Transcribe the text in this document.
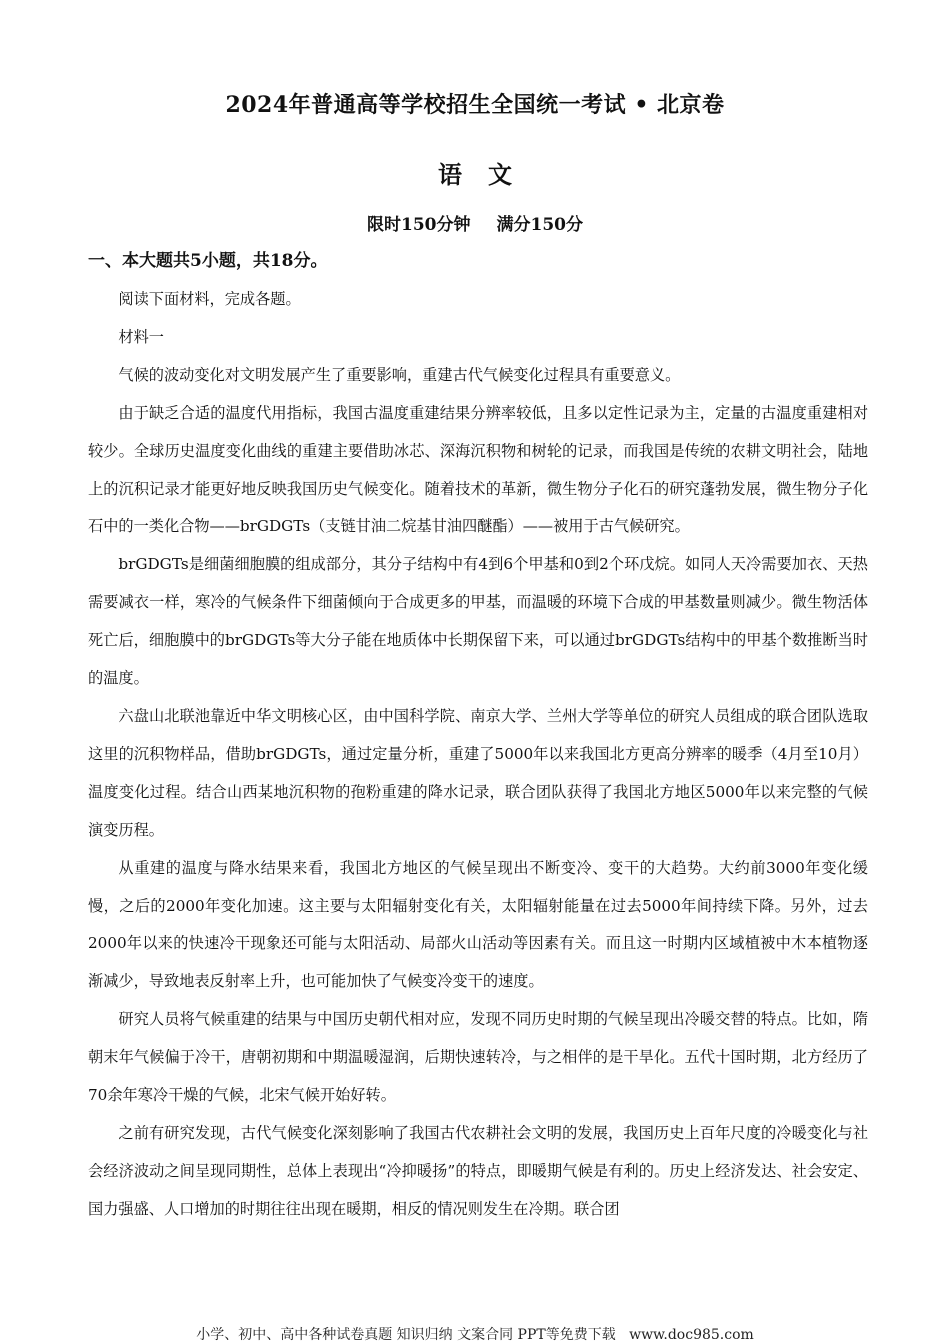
2024年普通高等学校招生全国统一考试 • 北京卷
语文
限时150分钟 满分150分
一、本大题共5小题，共18分。

阅读下面材料，完成各题。

材料一

气候的波动变化对文明发展产生了重要影响，重建古代气候变化过程具有重要意义。

由于缺乏合适的温度代用指标，我国古温度重建结果分辨率较低，且多以定性记录为主，定量的古温度重建相对较少。全球历史温度变化曲线的重建主要借助冰芯、深海沉积物和树轮的记录，而我国是传统的农耕文明社会，陆地上的沉积记录才能更好地反映我国历史气候变化。随着技术的革新，微生物分子化石的研究蓬勃发展，微生物分子化石中的一类化合物——brGDGTs（支链甘油二烷基甘油四醚酯）——被用于古气候研究。

brGDGTs是细菌细胞膜的组成部分，其分子结构中有4到6个甲基和0到2个环戊烷。如同人天冷需要加衣、天热需要减衣一样，寒冷的气候条件下细菌倾向于合成更多的甲基，而温暖的环境下合成的甲基数量则减少。微生物活体死亡后，细胞膜中的brGDGTs等大分子能在地质体中长期保留下来，可以通过brGDGTs结构中的甲基个数推断当时的温度。

六盘山北联池靠近中华文明核心区，由中国科学院、南京大学、兰州大学等单位的研究人员组成的联合团队选取这里的沉积物样品，借助brGDGTs，通过定量分析，重建了5000年以来我国北方更高分辨率的暖季（4月至10月）温度变化过程。结合山西某地沉积物的孢粉重建的降水记录，联合团队获得了我国北方地区5000年以来完整的气候演变历程。

从重建的温度与降水结果来看，我国北方地区的气候呈现出不断变冷、变干的大趋势。大约前3000年变化缓慢，之后的2000年变化加速。这主要与太阳辐射变化有关，太阳辐射能量在过去5000年间持续下降。另外，过去2000年以来的快速冷干现象还可能与太阳活动、局部火山活动等因素有关。而且这一时期内区域植被中木本植物逐渐减少，导致地表反射率上升，也可能加快了气候变冷变干的速度。

研究人员将气候重建的结果与中国历史朝代相对应，发现不同历史时期的气候呈现出冷暖交替的特点。比如，隋朝末年气候偏于冷干，唐朝初期和中期温暖湿润，后期快速转冷，与之相伴的是干旱化。五代十国时期，北方经历了70余年寒冷干燥的气候，北宋气候开始好转。

之前有研究发现，古代气候变化深刻影响了我国古代农耕社会文明的发展，我国历史上百年尺度的冷暖变化与社会经济波动之间呈现同期性，总体上表现出“冷抑暖扬”的特点，即暖期气候是有利的。历史上经济发达、社会安定、国力强盛、人口增加的时期往往出现在暖期，相反的情况则发生在冷期。联合团

小学、初中、高中各种试卷真题 知识归纳 文案合同 PPT等免费下载 www.doc985.com
